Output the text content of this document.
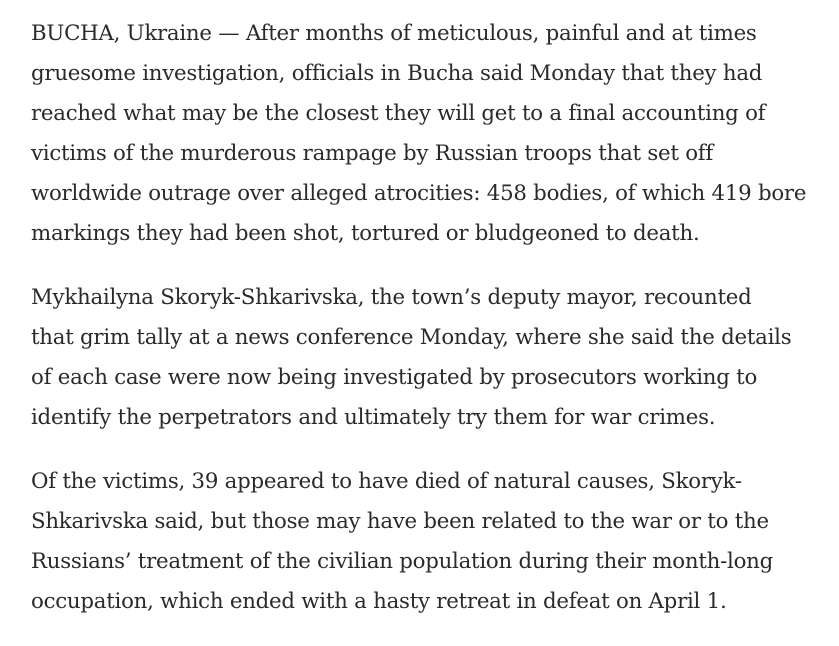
BUCHA, Ukraine — After months of meticulous, painful and at times
gruesome investigation, officials in Bucha said Monday that they had
reached what may be the closest they will get to a final accounting of
victims of the murderous rampage by Russian troops that set off
worldwide outrage over alleged atrocities: 458 bodies, of which 419 bore
markings they had been shot, tortured or bludgeoned to death.

Mykhailyna Skoryk-Shkarivska, the town’s deputy mayor, recounted
that grim tally at a news conference Monday, where she said the details
of each case were now being investigated by prosecutors working to
identify the perpetrators and ultimately try them for war crimes.

Of the victims, 39 appeared to have died of natural causes, Skoryk-
Shkarivska said, but those may have been related to the war or to the
Russians’ treatment of the civilian population during their month-long
occupation, which ended with a hasty retreat in defeat on April 1.
